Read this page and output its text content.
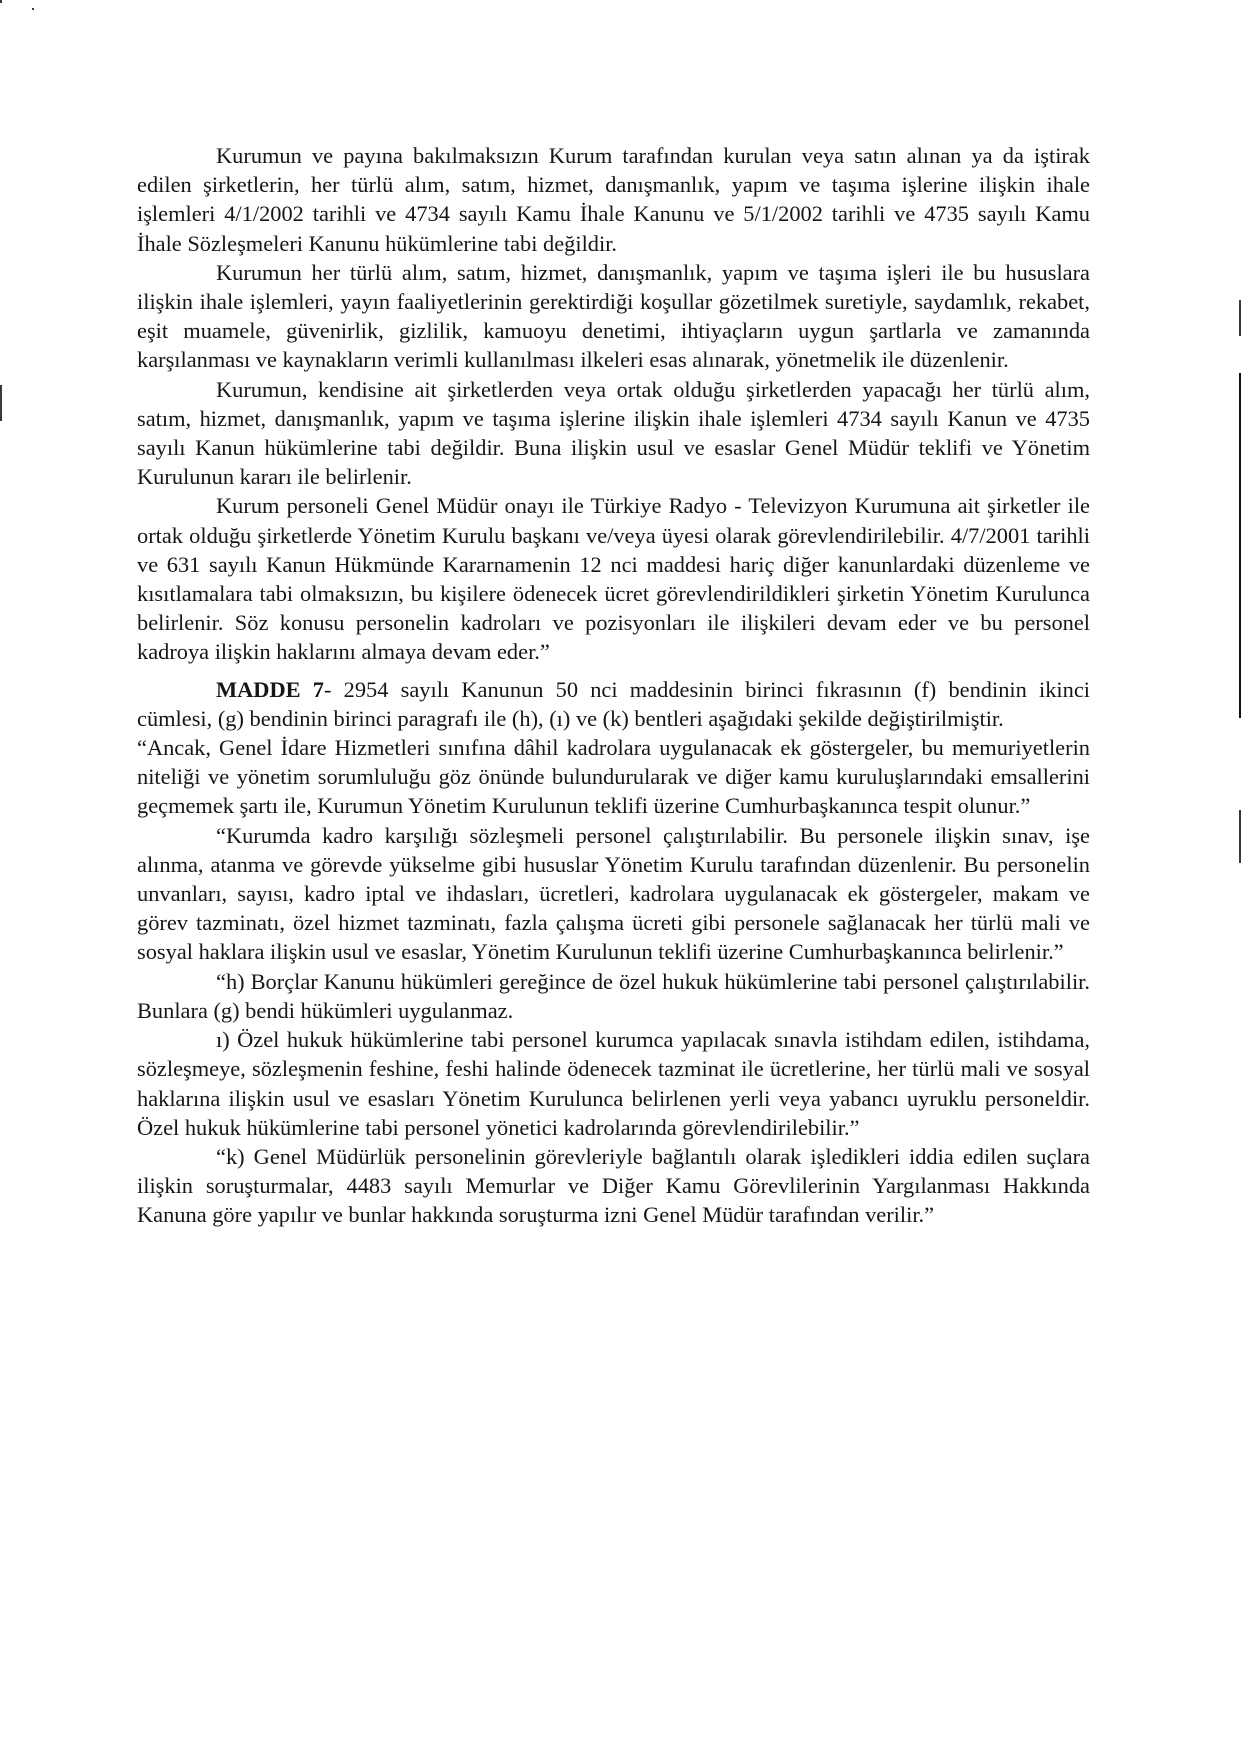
Kurumun ve payına bakılmaksızın Kurum tarafından kurulan veya satın alınan ya da iştirak edilen şirketlerin, her türlü alım, satım, hizmet, danışmanlık, yapım ve taşıma işlerine ilişkin ihale işlemleri 4/1/2002 tarihli ve 4734 sayılı Kamu İhale Kanunu ve 5/1/2002 tarihli ve 4735 sayılı Kamu İhale Sözleşmeleri Kanunu hükümlerine tabi değildir.

Kurumun her türlü alım, satım, hizmet, danışmanlık, yapım ve taşıma işleri ile bu hususlara ilişkin ihale işlemleri, yayın faaliyetlerinin gerektirdiği koşullar gözetilmek suretiyle, saydamlık, rekabet, eşit muamele, güvenirlik, gizlilik, kamuoyu denetimi, ihtiyaçların uygun şartlarla ve zamanında karşılanması ve kaynakların verimli kullanılması ilkeleri esas alınarak, yönetmelik ile düzenlenir.

Kurumun, kendisine ait şirketlerden veya ortak olduğu şirketlerden yapacağı her türlü alım, satım, hizmet, danışmanlık, yapım ve taşıma işlerine ilişkin ihale işlemleri 4734 sayılı Kanun ve 4735 sayılı Kanun hükümlerine tabi değildir. Buna ilişkin usul ve esaslar Genel Müdür teklifi ve Yönetim Kurulunun kararı ile belirlenir.

Kurum personeli Genel Müdür onayı ile Türkiye Radyo - Televizyon Kurumuna ait şirketler ile ortak olduğu şirketlerde Yönetim Kurulu başkanı ve/veya üyesi olarak görevlendirilebilir. 4/7/2001 tarihli ve 631 sayılı Kanun Hükmünde Kararnamenin 12 nci maddesi hariç diğer kanunlardaki düzenleme ve kısıtlamalara tabi olmaksızın, bu kişilere ödenecek ücret görevlendirildikleri şirketin Yönetim Kurulunca belirlenir. Söz konusu personelin kadroları ve pozisyonları ile ilişkileri devam eder ve bu personel kadroya ilişkin haklarını almaya devam eder.”

MADDE 7- 2954 sayılı Kanunun 50 nci maddesinin birinci fıkrasının (f) bendinin ikinci cümlesi, (g) bendinin birinci paragrafı ile (h), (ı) ve (k) bentleri aşağıdaki şekilde değiştirilmiştir.

“Ancak, Genel İdare Hizmetleri sınıfına dâhil kadrolara uygulanacak ek göstergeler, bu memuriyetlerin niteliği ve yönetim sorumluluğu göz önünde bulundurularak ve diğer kamu kuruluşlarındaki emsallerini geçmemek şartı ile, Kurumun Yönetim Kurulunun teklifi üzerine Cumhurbaşkanınca tespit olunur.”

“Kurumda kadro karşılığı sözleşmeli personel çalıştırılabilir. Bu personele ilişkin sınav, işe alınma, atanma ve görevde yükselme gibi hususlar Yönetim Kurulu tarafından düzenlenir. Bu personelin unvanları, sayısı, kadro iptal ve ihdasları, ücretleri, kadrolara uygulanacak ek göstergeler, makam ve görev tazminatı, özel hizmet tazminatı, fazla çalışma ücreti gibi personele sağlanacak her türlü mali ve sosyal haklara ilişkin usul ve esaslar, Yönetim Kurulunun teklifi üzerine Cumhurbaşkanınca belirlenir.”

“h) Borçlar Kanunu hükümleri gereğince de özel hukuk hükümlerine tabi personel çalıştırılabilir. Bunlara (g) bendi hükümleri uygulanmaz.

ı) Özel hukuk hükümlerine tabi personel kurumca yapılacak sınavla istihdam edilen, istihdama, sözleşmeye, sözleşmenin feshine, feshi halinde ödenecek tazminat ile ücretlerine, her türlü mali ve sosyal haklarına ilişkin usul ve esasları Yönetim Kurulunca belirlenen yerli veya yabancı uyruklu personeldir. Özel hukuk hükümlerine tabi personel yönetici kadrolarında görevlendirilebilir.”

“k) Genel Müdürlük personelinin görevleriyle bağlantılı olarak işledikleri iddia edilen suçlara ilişkin soruşturmalar, 4483 sayılı Memurlar ve Diğer Kamu Görevlilerinin Yargılanması Hakkında Kanuna göre yapılır ve bunlar hakkında soruşturma izni Genel Müdür tarafından verilir.”
